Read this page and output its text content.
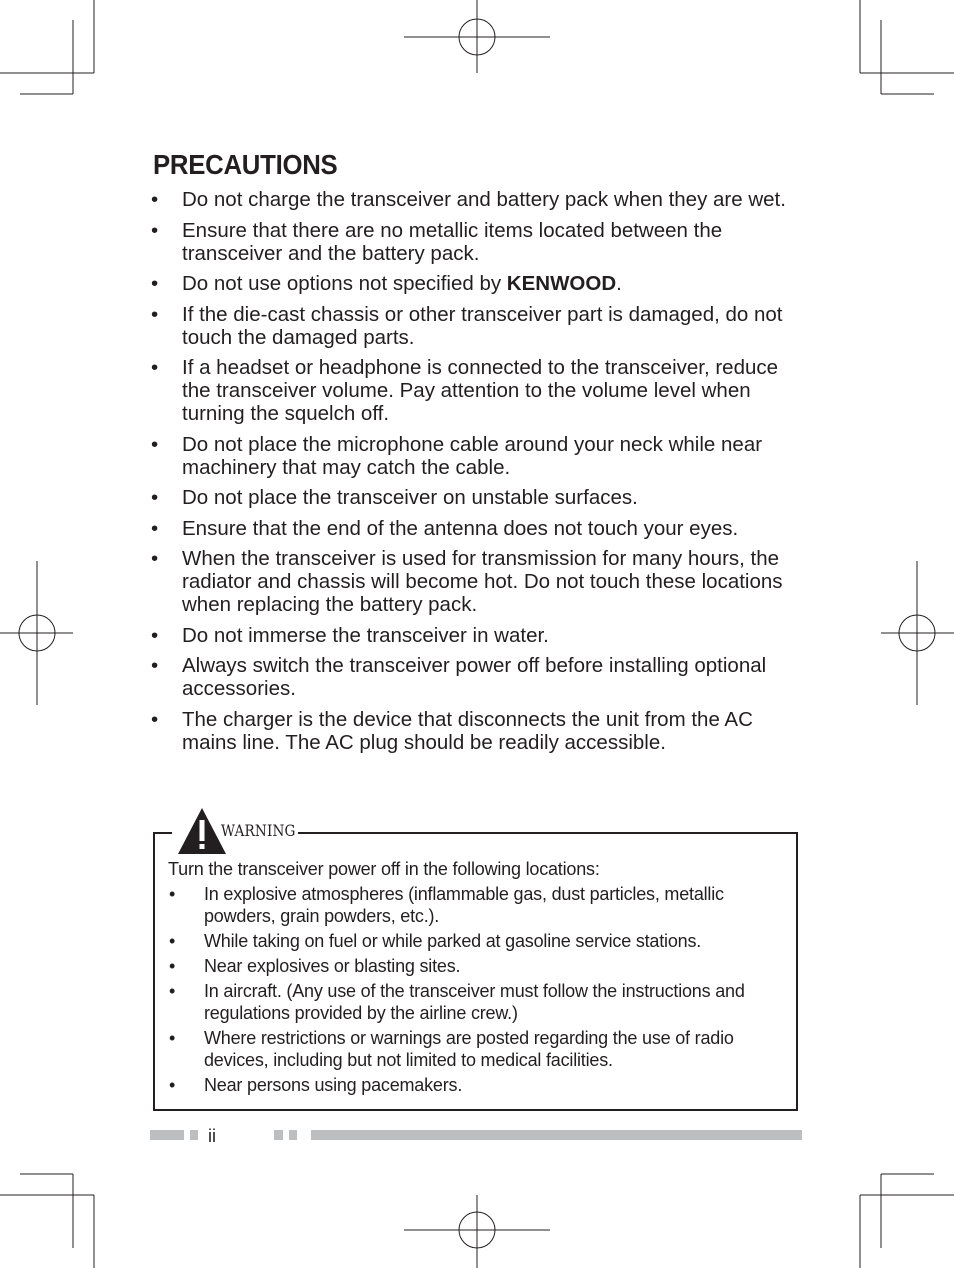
PRECAUTIONS
• Do not charge the transceiver and battery pack when they are wet.
• Ensure that there are no metallic items located between the transceiver and the battery pack.
• Do not use options not specified by KENWOOD.
• If the die-cast chassis or other transceiver part is damaged, do not touch the damaged parts.
• If a headset or headphone is connected to the transceiver, reduce the transceiver volume. Pay attention to the volume level when turning the squelch off.
• Do not place the microphone cable around your neck while near machinery that may catch the cable.
• Do not place the transceiver on unstable surfaces.
• Ensure that the end of the antenna does not touch your eyes.
• When the transceiver is used for transmission for many hours, the radiator and chassis will become hot. Do not touch these locations when replacing the battery pack.
• Do not immerse the transceiver in water.
• Always switch the transceiver power off before installing optional accessories.
• The charger is the device that disconnects the unit from the AC mains line. The AC plug should be readily accessible.
WARNING

Turn the transceiver power off in the following locations:

• In explosive atmospheres (inflammable gas, dust particles, metallic powders, grain powders, etc.).
• While taking on fuel or while parked at gasoline service stations.
• Near explosives or blasting sites.
• In aircraft. (Any use of the transceiver must follow the instructions and regulations provided by the airline crew.)
• Where restrictions or warnings are posted regarding the use of radio devices, including but not limited to medical facilities.
• Near persons using pacemakers.
ii
